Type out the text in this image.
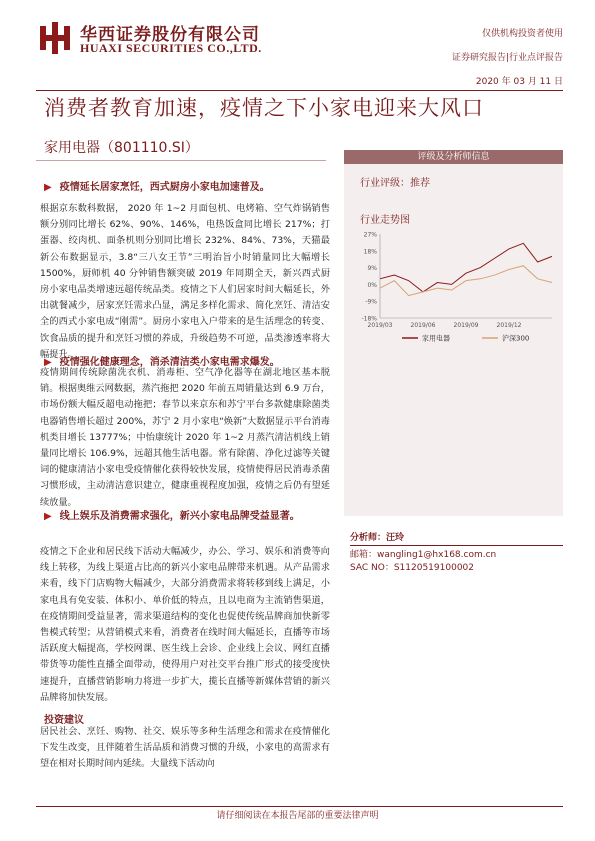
华西证券股份有限公司
HUAXI SECURITIES CO.,LTD.
仅供机构投资者使用
证券研究报告|行业点评报告
2020 年 03 月 11 日
消费者教育加速，疫情之下小家电迎来大风口
家用电器（801110.SI）
评级及分析师信息
行业评级：推荐
行业走势图
27%
18%
9%
0%
-9%
-18%
2019/03	2019/06	2019/09	2019/12
家用电器	沪深300
分析师：汪玲
邮箱：wangling1@hx168.com.cn
SAC NO：S1120519100002
▶ 疫情延长居家烹饪，西式厨房小家电加速普及。
根据京东数科数据， 2020 年 1~2 月面包机、电烤箱、空气炸锅销售额分别同比增长 62%、90%、146%，电热饭盒同比增长 217%；打蛋器、绞肉机、面条机则分别同比增长 232%、84%、73%，天猫最新公布数据显示，3.8“三八女王节”三明治旨小时销量同比大幅增长 1500%，厨师机 40 分钟销售额突破 2019 年同期全天，新兴西式厨房小家电品类增速远超传统品类。疫情之下人们居家时间大幅延长，外出就餐减少，居家烹饪需求凸显，满足多样化需求、简化烹饪、清洁安全的西式小家电成“刚需”。厨房小家电入户带来的是生活理念的转变、饮食品质的提升和烹饪习惯的养成，升级趋势不可逆，品类渗透率将大幅提升。
▶ 疫情强化健康理念，消杀清洁类小家电需求爆发。
疫情期间传统除菌洗衣机、消毒柜、空气净化器等在湖北地区基本脱销。根据奥维云网数据，蒸汽拖把 2020 年前五周销量达到 6.9 万台，市场份额大幅反超电动拖把；春节以来京东和苏宁平台多款健康除菌类电器销售增长超过 200%，苏宁 2 月小家电“焕新”大数据显示平台消毒机类目增长 13777%；中怡康统计 2020 年 1~2 月蒸汽清洁机线上销量同比增长 106.9%，远超其他生活电器。常有除菌、净化过滤等关键词的健康清洁小家电受疫情催化获得较快发展，疫情使得居民消毒杀菌习惯形成，主动清洁意识建立，健康重视程度加强，疫情之后仍有望延续放量。
▶ 线上娱乐及消费需求强化，新兴小家电品牌受益显著。
疫情之下企业和居民线下活动大幅减少，办公、学习、娱乐和消费等向线上转移，为线上渠道占比高的新兴小家电品牌带来机遇。从产品需求来看，线下门店购物大幅减少，大部分消费需求将转移到线上满足，小家电具有免安装、体积小、单价低的特点，且以电商为主流销售渠道，在疫情期间受益显著，需求渠道结构的变化也促使传统品牌商加快新零售模式转型；从营销模式来看，消费者在线时间大幅延长，直播等市场活跃度大幅提高，学校网课、医生线上会诊、企业线上会议、网红直播带货等功能性直播全面带动，使得用户对社交平台推广形式的接受度快速提升，直播营销影响力将进一步扩大，揽长直播等新媒体营销的新兴品牌将加快发展。
投资建议
居民社会、烹饪、购物、社交、娱乐等多种生活理念和需求在疫情催化下发生改变，且伴随着生活品质和消费习惯的升级，小家电的高需求有望在相对长期时间内延续。大量线下活动向
请仔细阅读在本报告尾部的重要法律声明
